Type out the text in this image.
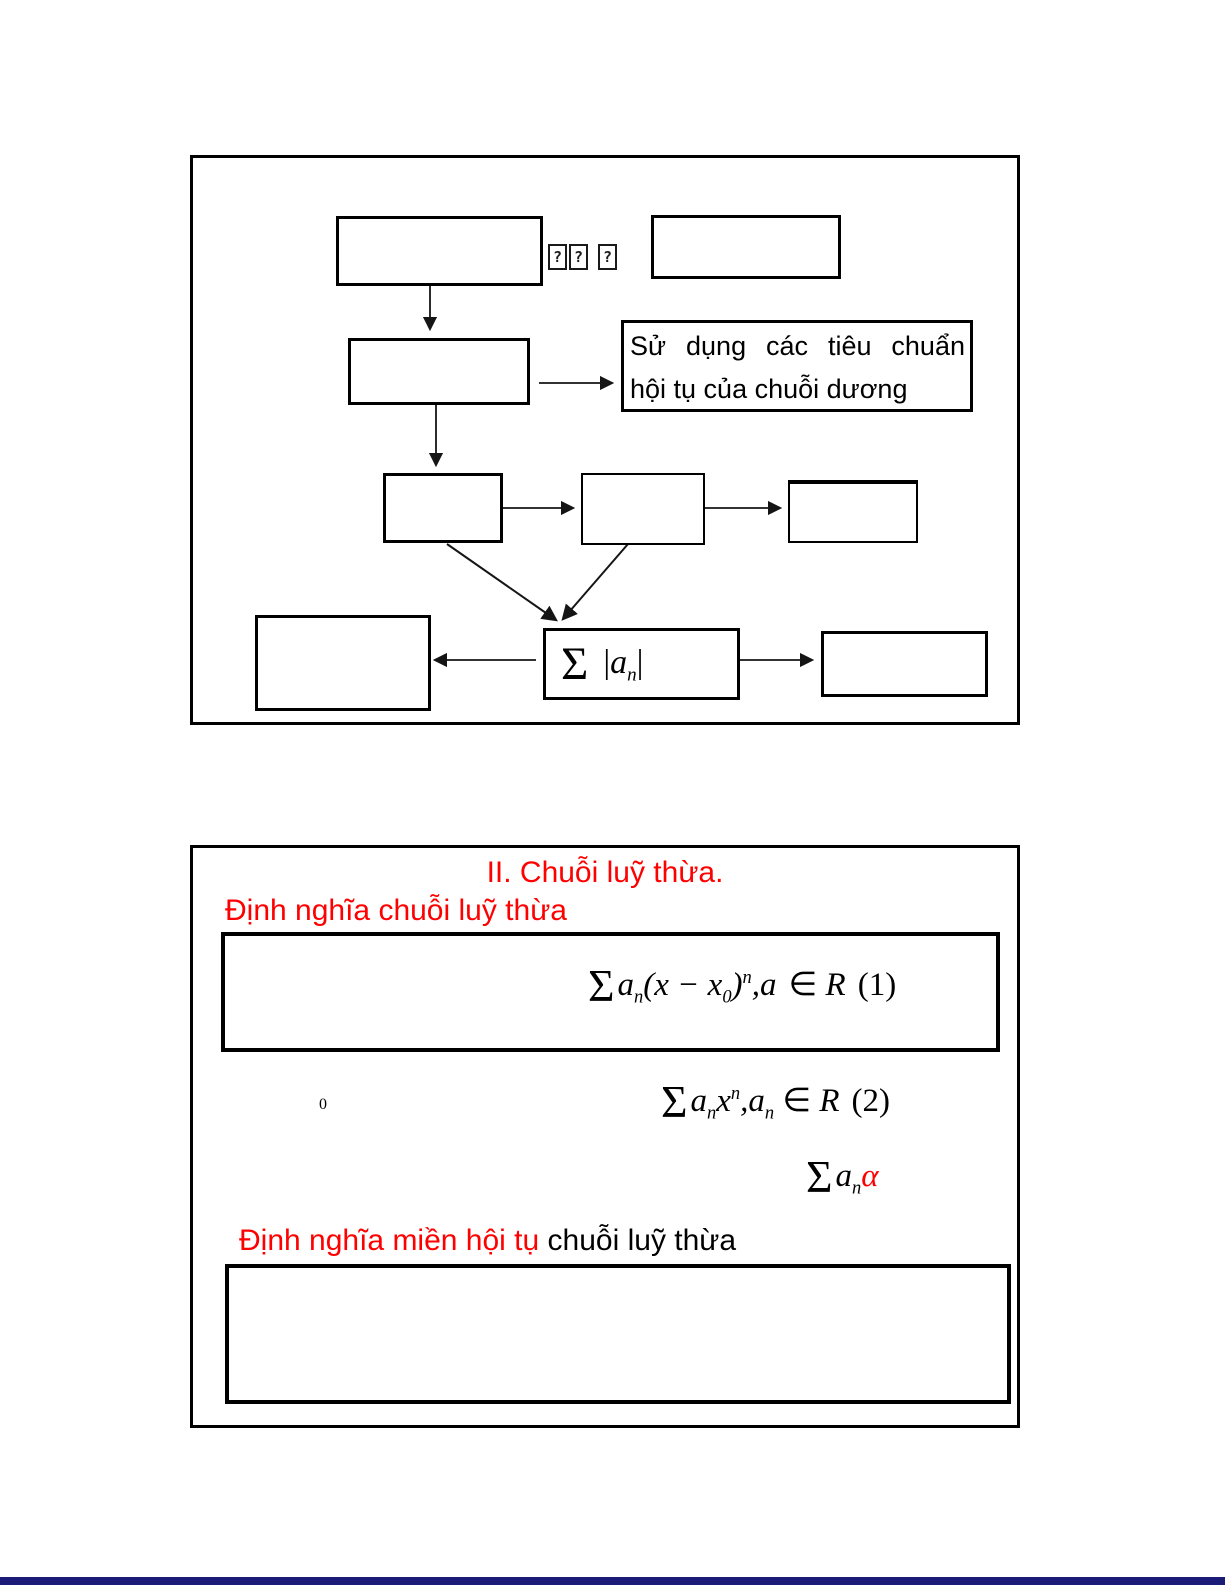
? ?	?
Sử dụng các tiêu chuẩn
hội tụ của chuỗi dương
Σ $|a_n|$
II. Chuỗi luỹ thừa.
Định nghĩa chuỗi luỹ thừa
$\Sigma a_n(x - x_0)^n,a$ ∈ R (1)
0	$\Sigma a_nx^n,a_n$ ∈ R (2)
$\Sigma a_n\alpha$
Định nghĩa miền hội tụ chuỗi luỹ thừa
